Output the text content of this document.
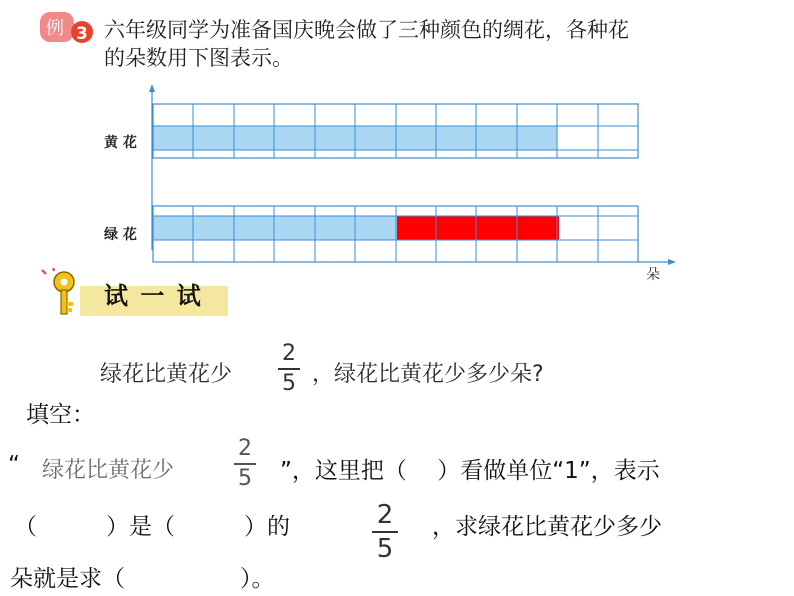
例 3 六年级同学为准备国庆晚会做了三种颜色的绸花，各种花
的朵数用下图表示。
黄 花
绿 花
朵
试 一 试
绿花比黄花少
2
5 ，绿花比黄花少多少朵?
填空：
“ 绿花比黄花少
2
5 ”，这里把（　 ）看做单位“1”，表示
（　　　）是（　　　）的	2
5
，求绿花比黄花少多少
朵就是求（　　　　　）。
